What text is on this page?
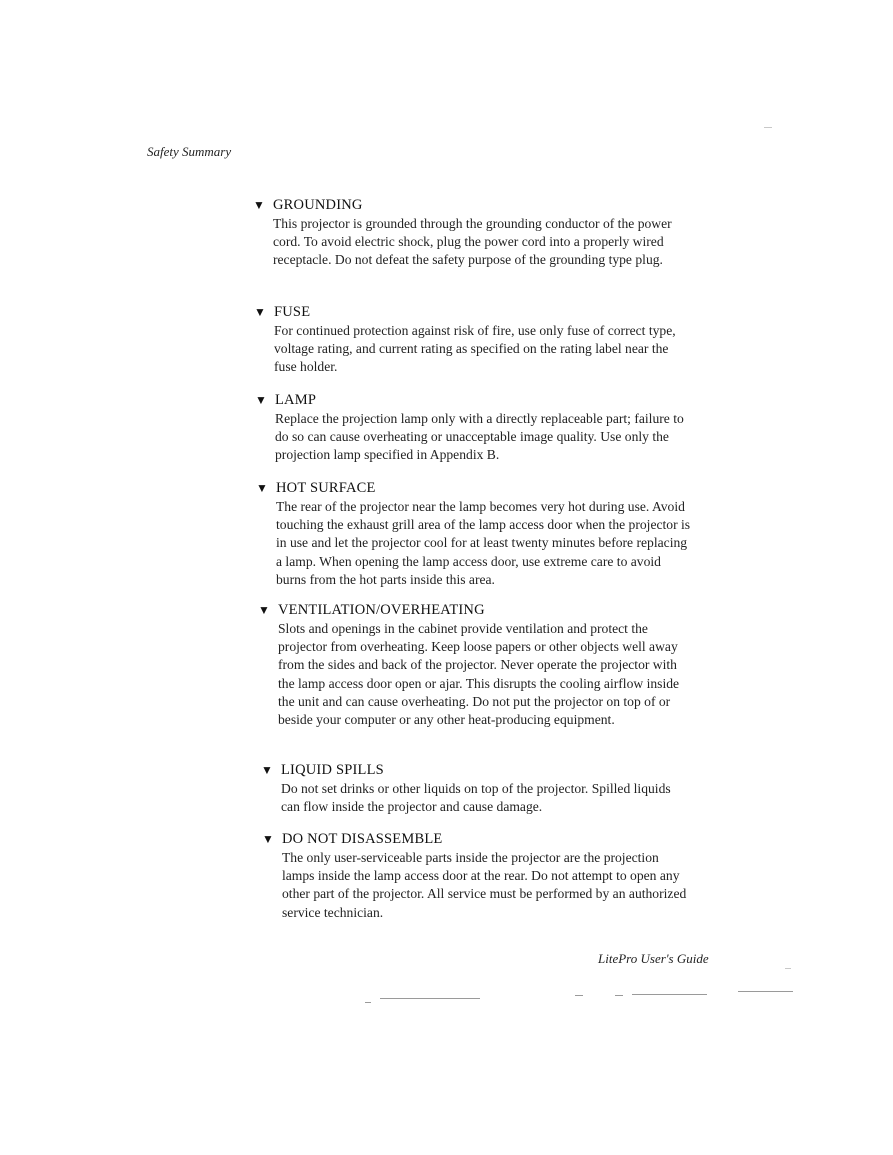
Safety Summary
▼ GROUNDING
This projector is grounded through the grounding conductor of the power cord. To avoid electric shock, plug the power cord into a properly wired receptacle. Do not defeat the safety purpose of the grounding type plug.
▼ FUSE
For continued protection against risk of fire, use only fuse of correct type, voltage rating, and current rating as specified on the rating label near the fuse holder.
▼ LAMP
Replace the projection lamp only with a directly replaceable part; failure to do so can cause overheating or unacceptable image quality. Use only the projection lamp specified in Appendix B.
▼ HOT SURFACE
The rear of the projector near the lamp becomes very hot during use. Avoid touching the exhaust grill area of the lamp access door when the projector is in use and let the projector cool for at least twenty minutes before replacing a lamp. When opening the lamp access door, use extreme care to avoid burns from the hot parts inside this area.
▼ VENTILATION/OVERHEATING
Slots and openings in the cabinet provide ventilation and protect the projector from overheating. Keep loose papers or other objects well away from the sides and back of the projector. Never operate the projector with the lamp access door open or ajar. This disrupts the cooling airflow inside the unit and can cause overheating. Do not put the projector on top of or beside your computer or any other heat-producing equipment.
▼ LIQUID SPILLS
Do not set drinks or other liquids on top of the projector. Spilled liquids can flow inside the projector and cause damage.
▼ DO NOT DISASSEMBLE
The only user-serviceable parts inside the projector are the projection lamps inside the lamp access door at the rear. Do not attempt to open any other part of the projector. All service must be performed by an authorized service technician.
LitePro User's Guide
